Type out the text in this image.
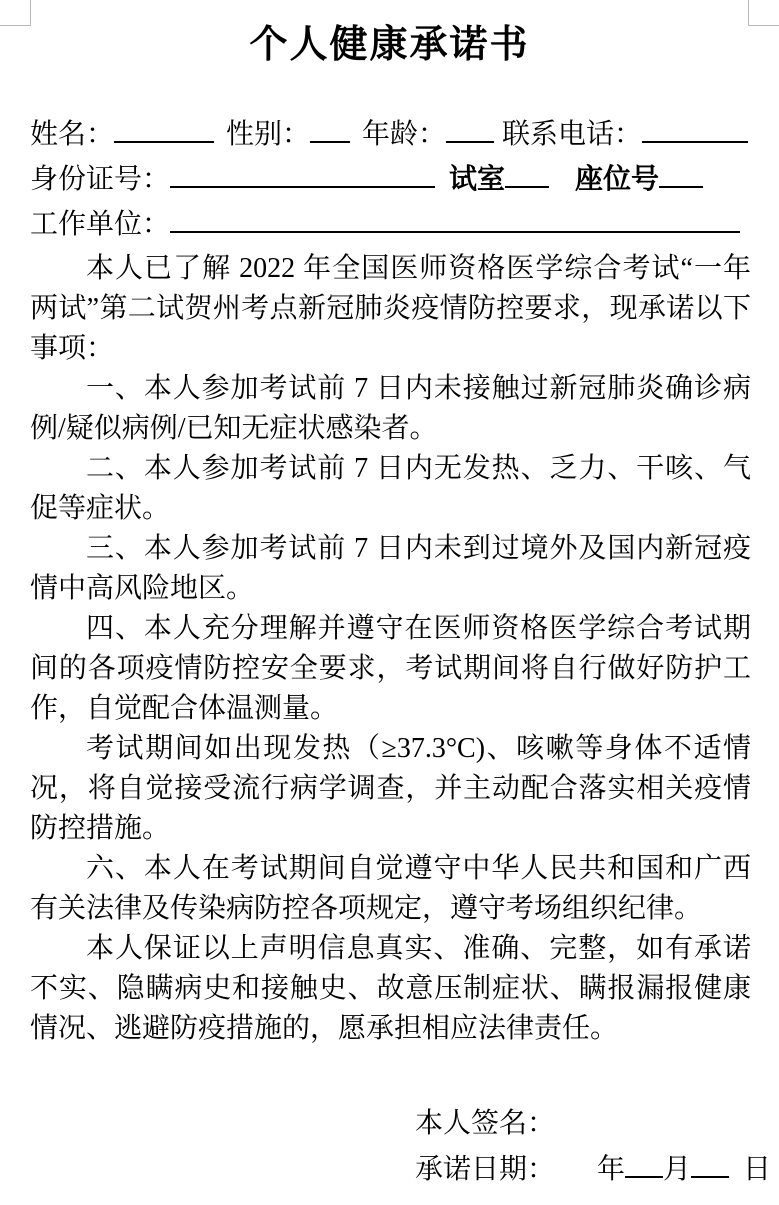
个人健康承诺书
姓名：	性别： 年龄： 联系电话：
身份证号：	试室	座位号
工作单位：

本人已了解 2022 年全国医师资格医学综合考试“一年两试”第二试贺州考点新冠肺炎疫情防控要求，现承诺以下事项：

一、本人参加考试前 7 日内未接触过新冠肺炎确诊病例/疑似病例/已知无症状感染者。

二、本人参加考试前 7 日内无发热、乏力、干咳、气促等症状。

三、本人参加考试前 7 日内未到过境外及国内新冠疫情中高风险地区。

四、本人充分理解并遵守在医师资格医学综合考试期间的各项疫情防控安全要求，考试期间将自行做好防护工作，自觉配合体温测量。

考试期间如出现发热（≥37.3°C)、咳嗽等身体不适情况，将自觉接受流行病学调查，并主动配合落实相关疫情防控措施。

六、本人在考试期间自觉遵守中华人民共和国和广西有关法律及传染病防控各项规定，遵守考场组织纪律。

本人保证以上声明信息真实、准确、完整，如有承诺不实、隐瞒病史和接触史、故意压制症状、瞒报漏报健康情况、逃避防疫措施的，愿承担相应法律责任。

本人签名：
承诺日期： 年 月 日
